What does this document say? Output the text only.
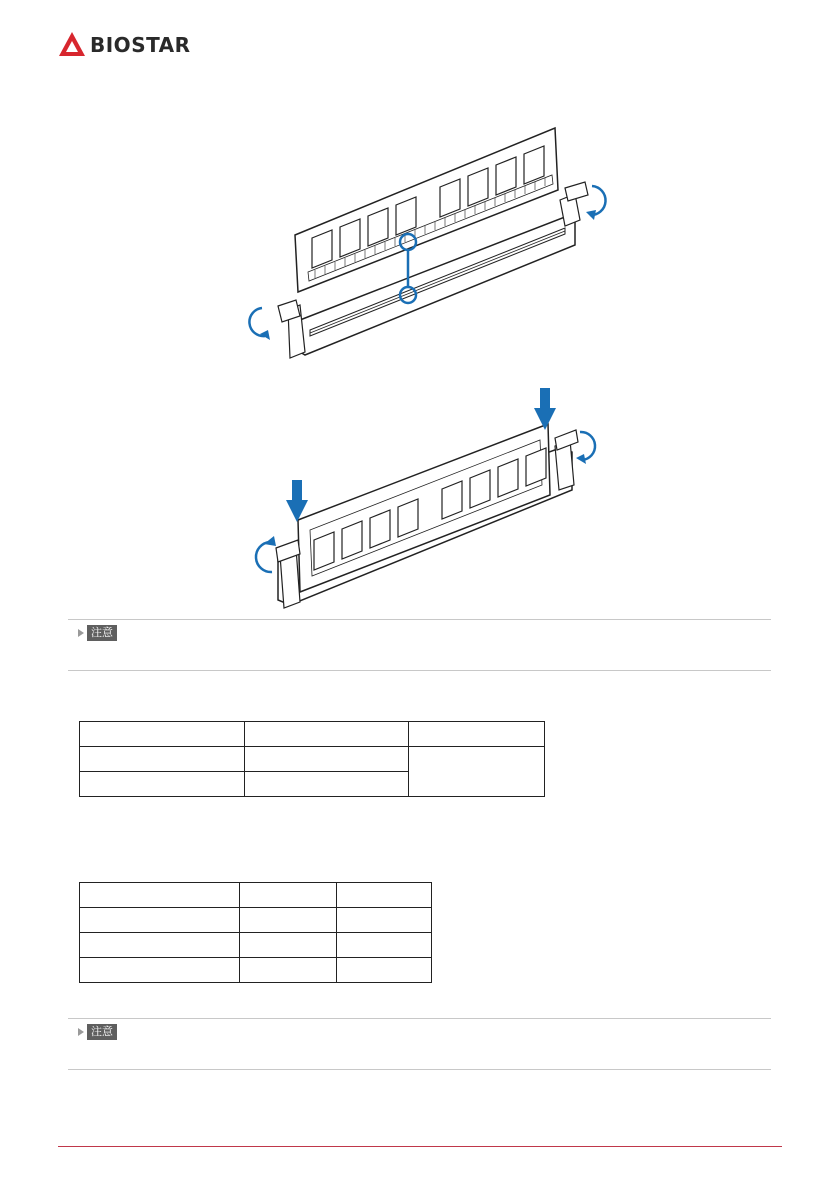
BIOSTAR
注意

注意
